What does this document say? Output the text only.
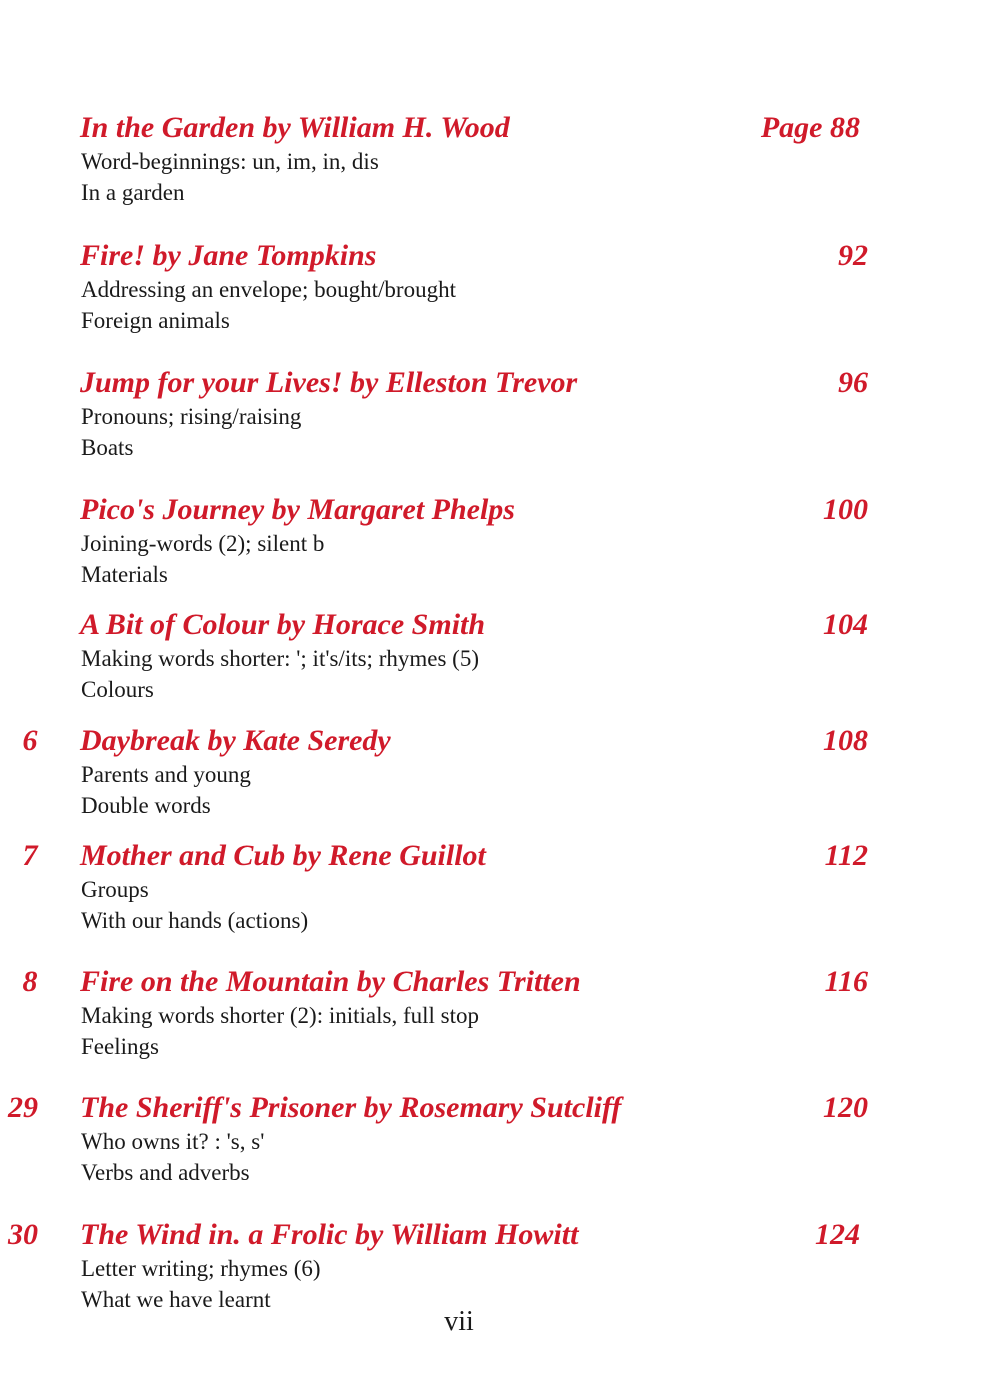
In the Garden by William H. Wood	Page 88
Word-beginnings: un, im, in, dis
In a garden
Fire! by Jane Tompkins	92
Addressing an envelope; bought/brought
Foreign animals
Jump for your Lives! by Elleston Trevor	96
Pronouns; rising/raising
Boats
Pico's Journey by Margaret Phelps	100
Joining-words (2); silent b
Materials
A Bit of Colour by Horace Smith	104
Making words shorter: '; it's/its; rhymes (5)
Colours
6	Daybreak by Kate Seredy	108
Parents and young
Double words
7	Mother and Cub by Rene Guillot	112
Groups
With our hands (actions)
8	Fire on the Mountain by Charles Tritten	116
Making words shorter (2): initials, full stop
Feelings
29 The Sheriff's Prisoner by Rosemary Sutcliff	120
Who owns it? : 's, s'
Verbs and adverbs
30 The Wind in. a Frolic by William Howitt	124
Letter writing; rhymes (6)
What we have learnt
vii
